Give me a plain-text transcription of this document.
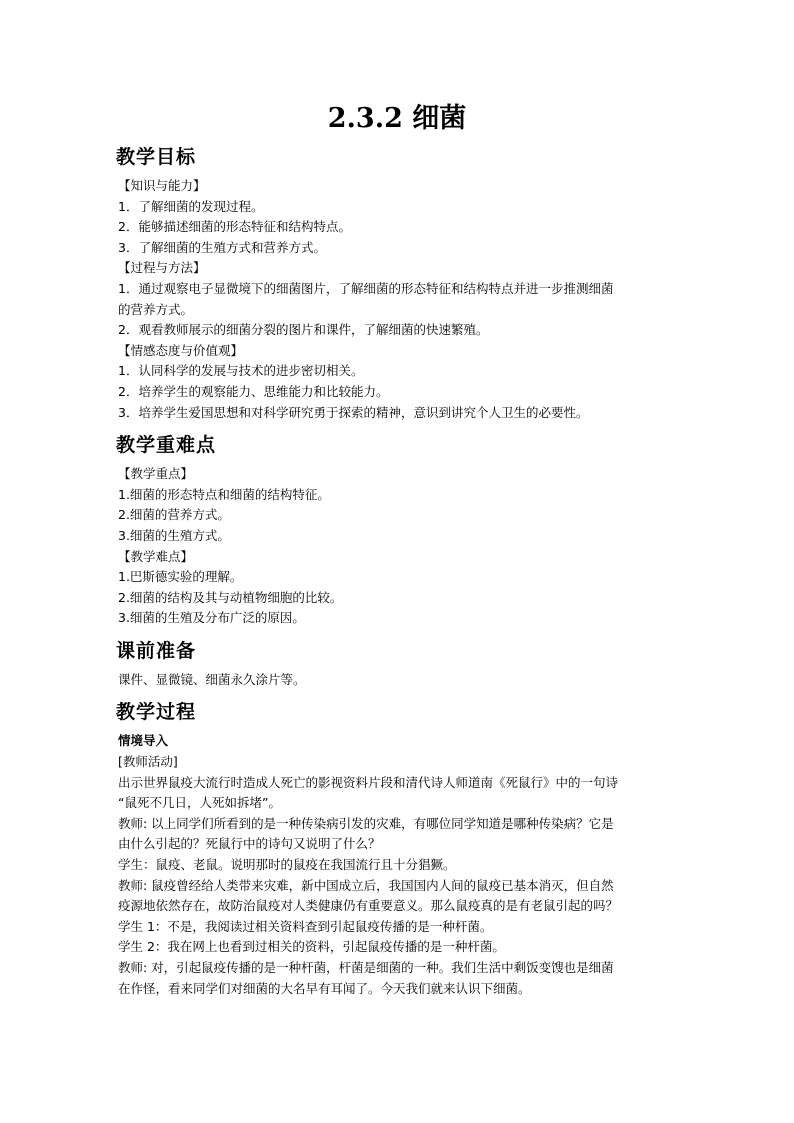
2.3.2 细菌
教学目标

【知识与能力】

1．了解细菌的发现过程。

2．能够描述细菌的形态特征和结构特点。

3．了解细菌的生殖方式和营养方式。

【过程与方法】

1．通过观察电子显微境下的细菌图片，了解细菌的形态特征和结构特点并进一步推测细菌

的营养方式。

2．观看教师展示的细菌分裂的图片和课件，了解细菌的快速繁殖。

【情感态度与价值观】

1．认同科学的发展与技术的进步密切相关。

2．培养学生的观察能力、思维能力和比较能力。

3．培养学生爱国思想和对科学研究勇于探索的精神，意识到讲究个人卫生的必要性。

教学重难点

【教学重点】

1.细菌的形态特点和细菌的结构特征。

2.细菌的营养方式。

3.细菌的生殖方式。

【教学难点】

1.巴斯德实验的理解。

2.细菌的结构及其与动植物细胞的比较。

3.细菌的生殖及分布广泛的原因。

课前准备

课件、显微镜、细菌永久涂片等。

教学过程

情境导入

[教师活动]

出示世界鼠疫大流行时造成人死亡的影视资料片段和清代诗人师道南《死鼠行》中的一句诗

“鼠死不几日，人死如拆堵”。

教师: 以上同学们所看到的是一种传染病引发的灾难，有哪位同学知道是哪种传染病？它是

由什么引起的？死鼠行中的诗句又说明了什么？

学生：鼠疫、老鼠。说明那时的鼠疫在我国流行且十分猖獗。

教师: 鼠疫曾经给人类带来灾难，新中国成立后，我国国内人间的鼠疫已基本消灭，但自然

疫源地依然存在，故防治鼠疫对人类健康仍有重要意义。那么鼠疫真的是有老鼠引起的吗？

学生 1：不是，我阅读过相关资料查到引起鼠疫传播的是一种杆菌。

学生 2：我在网上也看到过相关的资料，引起鼠疫传播的是一种杆菌。

教师: 对，引起鼠疫传播的是一种杆菌，杆菌是细菌的一种。我们生活中剩饭变馊也是细菌

在作怪，看来同学们对细菌的大名早有耳闻了。今天我们就来认识下细菌。
